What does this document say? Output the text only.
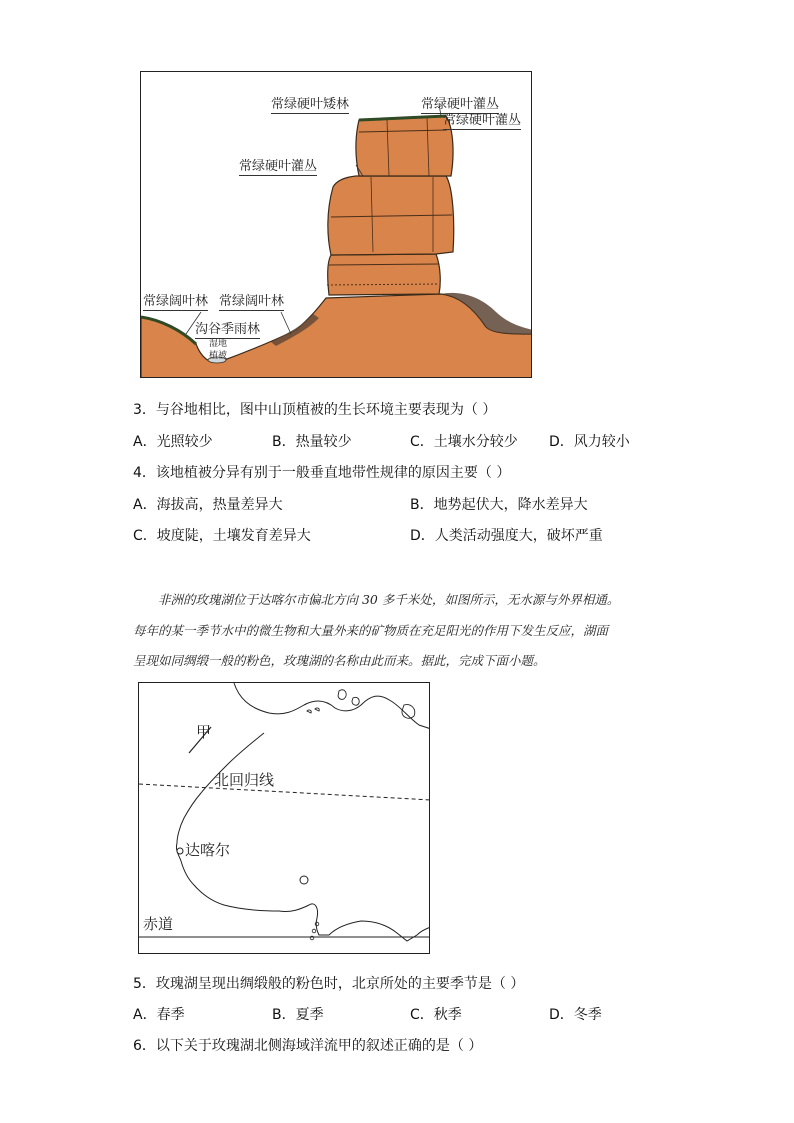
常绿硬叶矮林	常绿硬叶灌丛
常绿硬叶灌丛
常绿硬叶灌丛
常绿阔叶林 常绿阔叶林
沟谷季雨林
湿地
植被
3．与谷地相比，图中山顶植被的生长环境主要表现为（ ）
A．光照较少	B．热量较少	C．土壤水分较少 D．风力较小
4．该地植被分异有别于一般垂直地带性规律的原因主要（ ）
A．海拔高，热量差异大	B．地势起伏大，降水差异大
C．坡度陡，土壤发育差异大	D．人类活动强度大，破坏严重
非洲的玫瑰湖位于达喀尔市偏北方向 30 多千米处，如图所示，无水源与外界相通。
每年的某一季节水中的微生物和大量外来的矿物质在充足阳光的作用下发生反应，湖面
呈现如同绸缎一般的粉色，玫瑰湖的名称由此而来。据此，完成下面小题。
甲
北回归线
达喀尔
赤道
5．玫瑰湖呈现出绸缎般的粉色时，北京所处的主要季节是（ ）
A．春季	B．夏季	C．秋季	D．冬季
6．以下关于玫瑰湖北侧海域洋流甲的叙述正确的是（ ）
